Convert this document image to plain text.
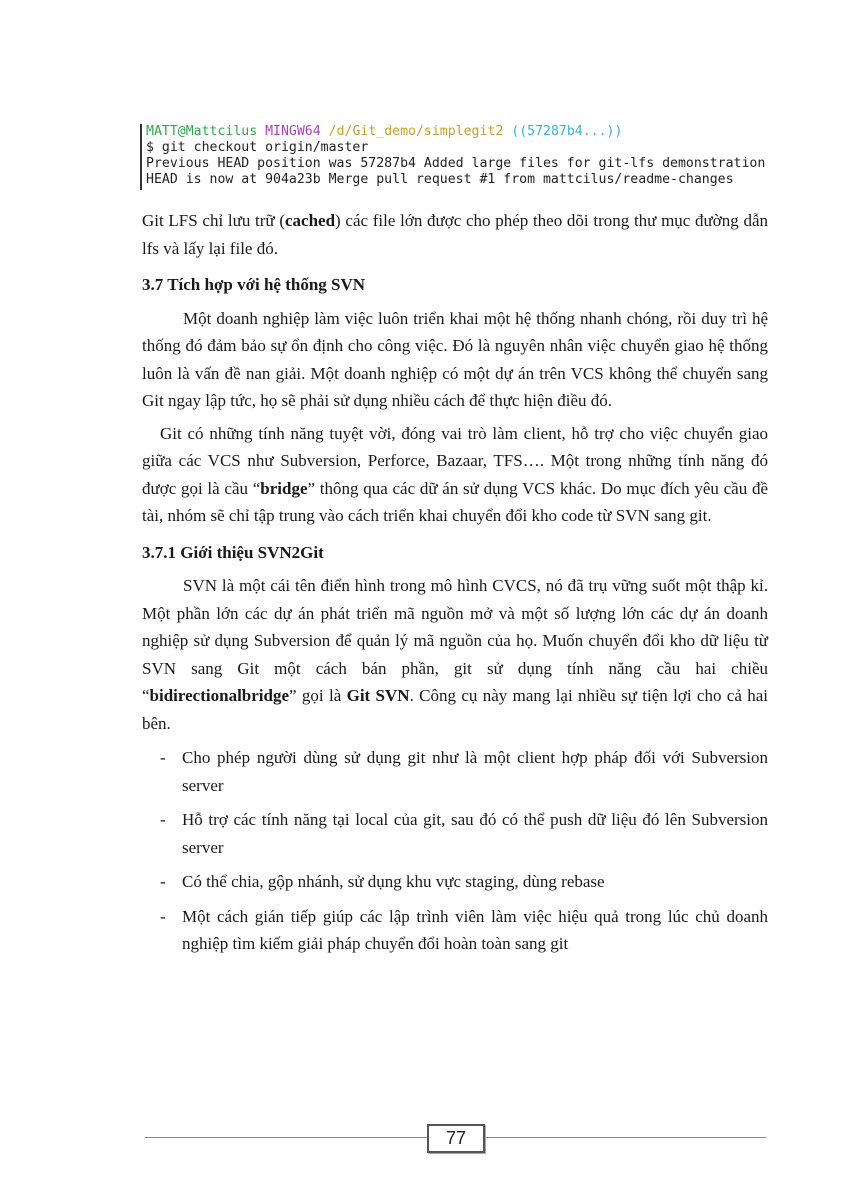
MATT@Mattcilus MINGW64 /d/Git_demo/simplegit2 ((57287b4...))
$ git checkout origin/master
Previous HEAD position was 57287b4 Added large files for git-lfs demonstration
HEAD is now at 904a23b Merge pull request #1 from mattcilus/readme-changes

Git LFS chỉ lưu trữ (cached) các file lớn được cho phép theo dõi trong thư mục đường dẫn lfs và lấy lại file đó.

3.7 Tích hợp với hệ thống SVN

Một doanh nghiệp làm việc luôn triển khai một hệ thống nhanh chóng, rồi duy trì hệ thống đó đảm bảo sự ổn định cho công việc. Đó là nguyên nhân việc chuyển giao hệ thống luôn là vấn đề nan giải. Một doanh nghiệp có một dự án trên VCS không thể chuyển sang Git ngay lập tức, họ sẽ phải sử dụng nhiều cách để thực hiện điều đó.

Git có những tính năng tuyệt vời, đóng vai trò làm client, hỗ trợ cho việc chuyển giao giữa các VCS như Subversion, Perforce, Bazaar, TFS…. Một trong những tính năng đó được gọi là cầu “bridge” thông qua các dữ án sử dụng VCS khác. Do mục đích yêu cầu đề tài, nhóm sẽ chỉ tập trung vào cách triển khai chuyển đổi kho code từ SVN sang git.

3.7.1 Giới thiệu SVN2Git

SVN là một cái tên điển hình trong mô hình CVCS, nó đã trụ vững suốt một thập kỉ. Một phần lớn các dự án phát triển mã nguồn mở và một số lượng lớn các dự án doanh nghiệp sử dụng Subversion để quản lý mã nguồn của họ. Muốn chuyển đổi kho dữ liệu từ SVN sang Git một cách bán phần, git sử dụng tính năng cầu hai chiều “bidirectionalbridge” gọi là Git SVN. Công cụ này mang lại nhiều sự tiện lợi cho cả hai bên.

- Cho phép người dùng sử dụng git như là một client hợp pháp đối với Subversion server
- Hỗ trợ các tính năng tại local của git, sau đó có thể push dữ liệu đó lên Subversion server
- Có thể chia, gộp nhánh, sử dụng khu vực staging, dùng rebase
- Một cách gián tiếp giúp các lập trình viên làm việc hiệu quả trong lúc chủ doanh nghiệp tìm kiếm giải pháp chuyển đổi hoàn toàn sang git
77
